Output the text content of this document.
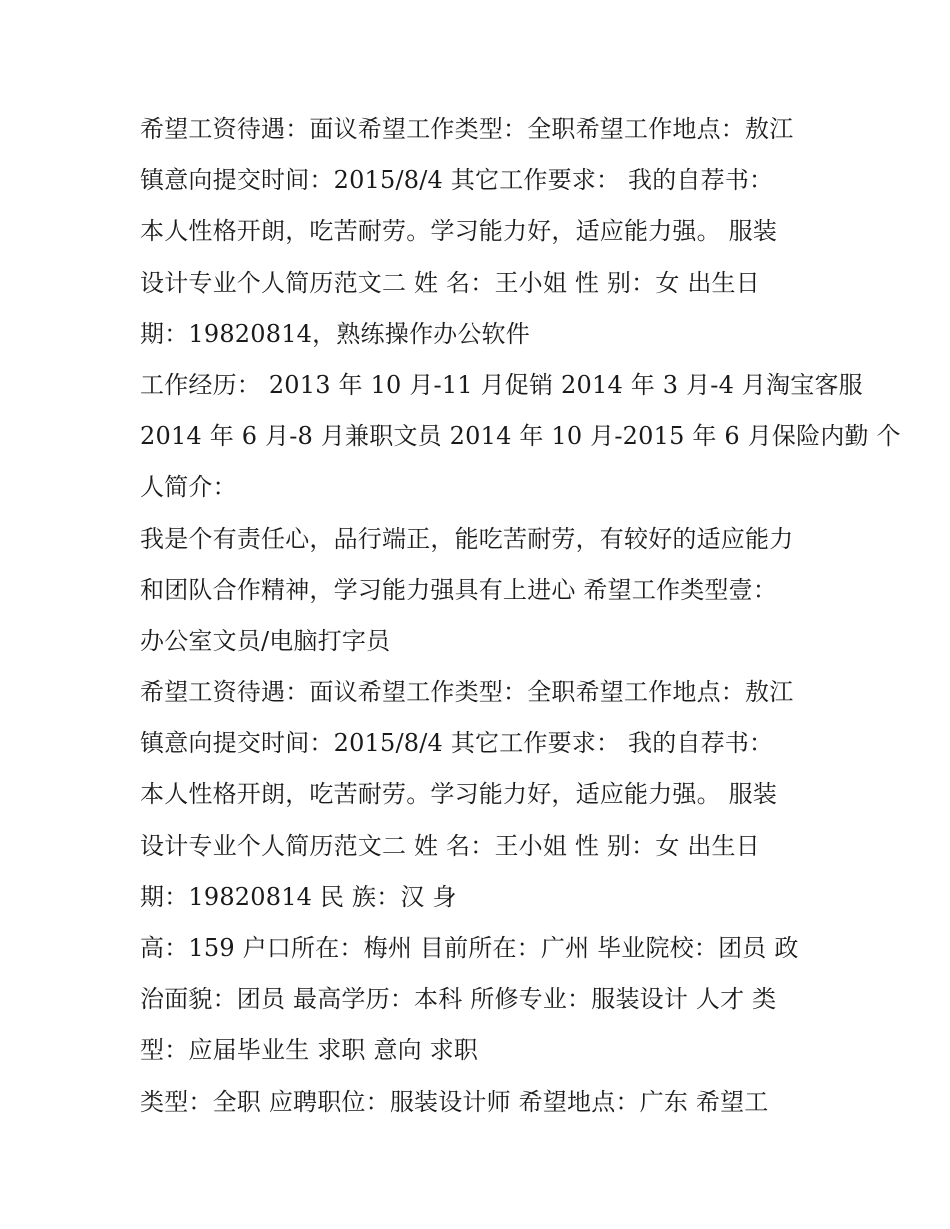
希望工资待遇：面议希望工作类型：全职希望工作地点：敖江
镇意向提交时间：2015/8/4 其它工作要求： 我的自荐书：
本人性格开朗，吃苦耐劳。学习能力好，适应能力强。 服装
设计专业个人简历范文二 姓 名：王小姐 性 别：女 出生日
期：19820814，熟练操作办公软件
工作经历： 2013 年 10 月-11 月促销 2014 年 3 月-4 月淘宝客服
2014 年 6 月-8 月兼职文员 2014 年 10 月-2015 年 6 月保险内勤 个
人简介：
我是个有责任心，品行端正，能吃苦耐劳，有较好的适应能力
和团队合作精神，学习能力强具有上进心 希望工作类型壹：
办公室文员/电脑打字员
希望工资待遇：面议希望工作类型：全职希望工作地点：敖江
镇意向提交时间：2015/8/4 其它工作要求： 我的自荐书：
本人性格开朗，吃苦耐劳。学习能力好，适应能力强。 服装
设计专业个人简历范文二 姓 名：王小姐 性 别：女 出生日
期：19820814 民 族：汉 身
高：159 户口所在：梅州 目前所在：广州 毕业院校：团员 政
治面貌：团员 最高学历：本科 所修专业：服装设计 人才 类
型：应届毕业生 求职 意向 求职
类型：全职 应聘职位：服装设计师 希望地点：广东 希望工
